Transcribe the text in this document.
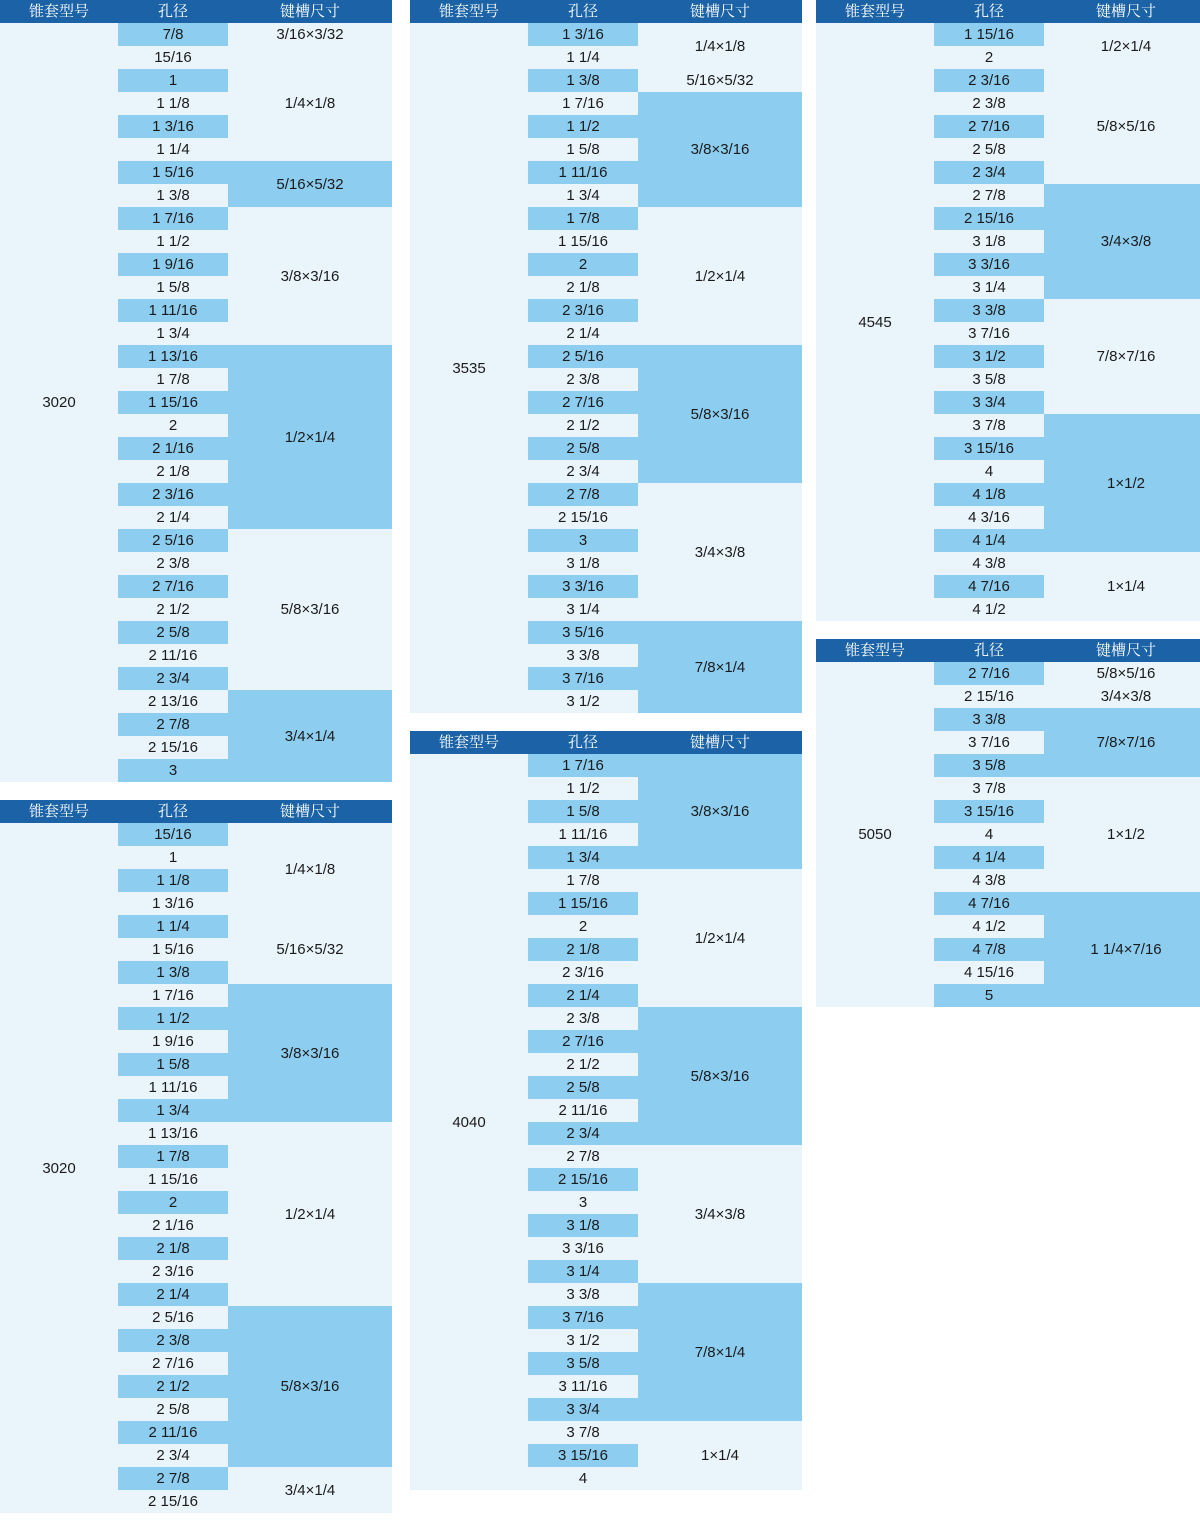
锥套型号	孔径	键槽尺寸
3020	7/8	3/16×3/32
	15/16	1/4×1/8
	1	
	1 1/8	
	1 3/16	
	1 1/4	
	1 5/16	5/16×5/32
	1 3/8	
	1 7/16	3/8×3/16
	1 1/2	
	1 9/16	
	1 5/8	
	1 11/16	
	1 3/4	
	1 13/16	1/2×1/4
	1 7/8	
	1 15/16	
	2	
	2 1/16	
	2 1/8	
	2 3/16	
	2 1/4	
	2 5/16	5/8×3/16
	2 3/8	
	2 7/16	
	2 1/2	
	2 5/8	
	2 11/16	
	2 3/4	
	2 13/16	3/4×1/4
	2 7/8	
	2 15/16	
	3	
锥套型号	孔径	键槽尺寸
3020	15/16	1/4×1/8
	1	
	1 1/8	
	1 3/16	
	1 1/4	5/16×5/32
	1 5/16	
	1 3/8	
	1 7/16	3/8×3/16
	1 1/2	
	1 9/16	
	1 5/8	
	1 11/16	
	1 3/4	
	1 13/16	1/2×1/4
	1 7/8	
	1 15/16	
	2	
	2 1/16	
	2 1/8	
	2 3/16	
	2 1/4	
	2 5/16	5/8×3/16
	2 3/8	
	2 7/16	
	2 1/2	
	2 5/8	
	2 11/16	
	2 3/4	
	2 7/8	3/4×1/4
	2 15/16	
锥套型号	孔径	键槽尺寸
3535	1 3/16	1/4×1/8
	1 1/4	
	1 3/8	5/16×5/32
	1 7/16	3/8×3/16
	1 1/2	
	1 5/8	
	1 11/16	
	1 3/4	
	1 7/8	1/2×1/4
	1 15/16	
	2	
	2 1/8	
	2 3/16	
	2 1/4	
	2 5/16	5/8×3/16
	2 3/8	
	2 7/16	
	2 1/2	
	2 5/8	
	2 3/4	
	2 7/8	3/4×3/8
	2 15/16	
	3	
	3 1/8	
	3 3/16	
	3 1/4	
	3 5/16	7/8×1/4
	3 3/8	
	3 7/16	
	3 1/2	
锥套型号	孔径	键槽尺寸
4040	1 7/16	3/8×3/16
	1 1/2	
	1 5/8	
	1 11/16	
	1 3/4	
	1 7/8	1/2×1/4
	1 15/16	
	2	
	2 1/8	
	2 3/16	
	2 1/4	
	2 3/8	5/8×3/16
	2 7/16	
	2 1/2	
	2 5/8	
	2 11/16	
	2 3/4	
	2 7/8	3/4×3/8
	2 15/16	
	3	
	3 1/8	
	3 3/16	
	3 1/4	
	3 3/8	7/8×1/4
	3 7/16	
	3 1/2	
	3 5/8	
	3 11/16	
	3 3/4	
	3 7/8	1×1/4
	3 15/16	
	4	
锥套型号	孔径	键槽尺寸
4545	1 15/16	1/2×1/4
	2	
	2 3/16	5/8×5/16
	2 3/8	
	2 7/16	
	2 5/8	
	2 3/4	
	2 7/8	3/4×3/8
	2 15/16	
	3 1/8	
	3 3/16	
	3 1/4	
	3 3/8	7/8×7/16
	3 7/16	
	3 1/2	
	3 5/8	
	3 3/4	
	3 7/8	1×1/2
	3 15/16	
	4	
	4 1/8	
	4 3/16	
	4 1/4	
	4 3/8	1×1/4
	4 7/16	
	4 1/2	
锥套型号	孔径	键槽尺寸
5050	2 7/16	5/8×5/16
	2 15/16	3/4×3/8
	3 3/8	7/8×7/16
	3 7/16	
	3 5/8	
	3 7/8	1×1/2
	3 15/16	
	4	
	4 1/4	
	4 3/8	
	4 7/16	1 1/4×7/16
	4 1/2	
	4 7/8	
	4 15/16	
	5	
